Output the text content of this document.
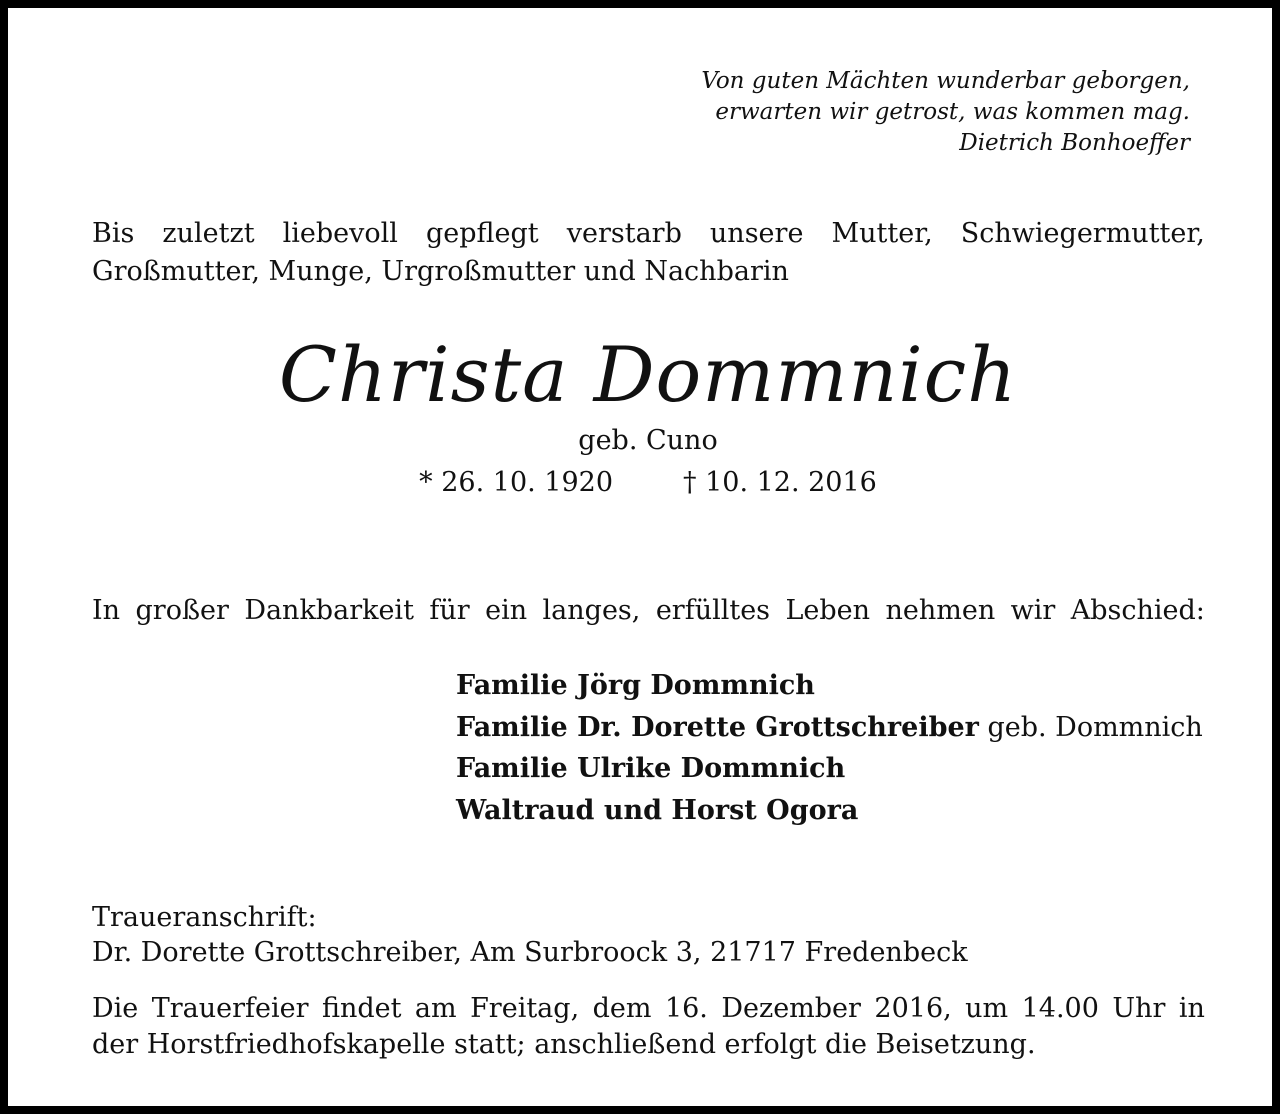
Von guten Mächten wunderbar geborgen,
erwarten wir getrost, was kommen mag.
Dietrich Bonhoeffer
Bis zuletzt liebevoll gepflegt verstarb unsere Mutter, Schwiegermutter,
Großmutter, Munge, Urgroßmutter und Nachbarin
Christa Dommnich
geb. Cuno
* 26. 10. 1920	† 10. 12. 2016
In großer Dankbarkeit für ein langes, erfülltes Leben nehmen wir Abschied:
Familie Jörg Dommnich
Familie Dr. Dorette Grottschreiber geb. Dommnich
Familie Ulrike Dommnich
Waltraud und Horst Ogora
Traueranschrift:
Dr. Dorette Grottschreiber, Am Surbroock 3, 21717 Fredenbeck
Die Trauerfeier findet am Freitag, dem 16. Dezember 2016, um 14.00 Uhr in
der Horstfriedhofskapelle statt; anschließend erfolgt die Beisetzung.
